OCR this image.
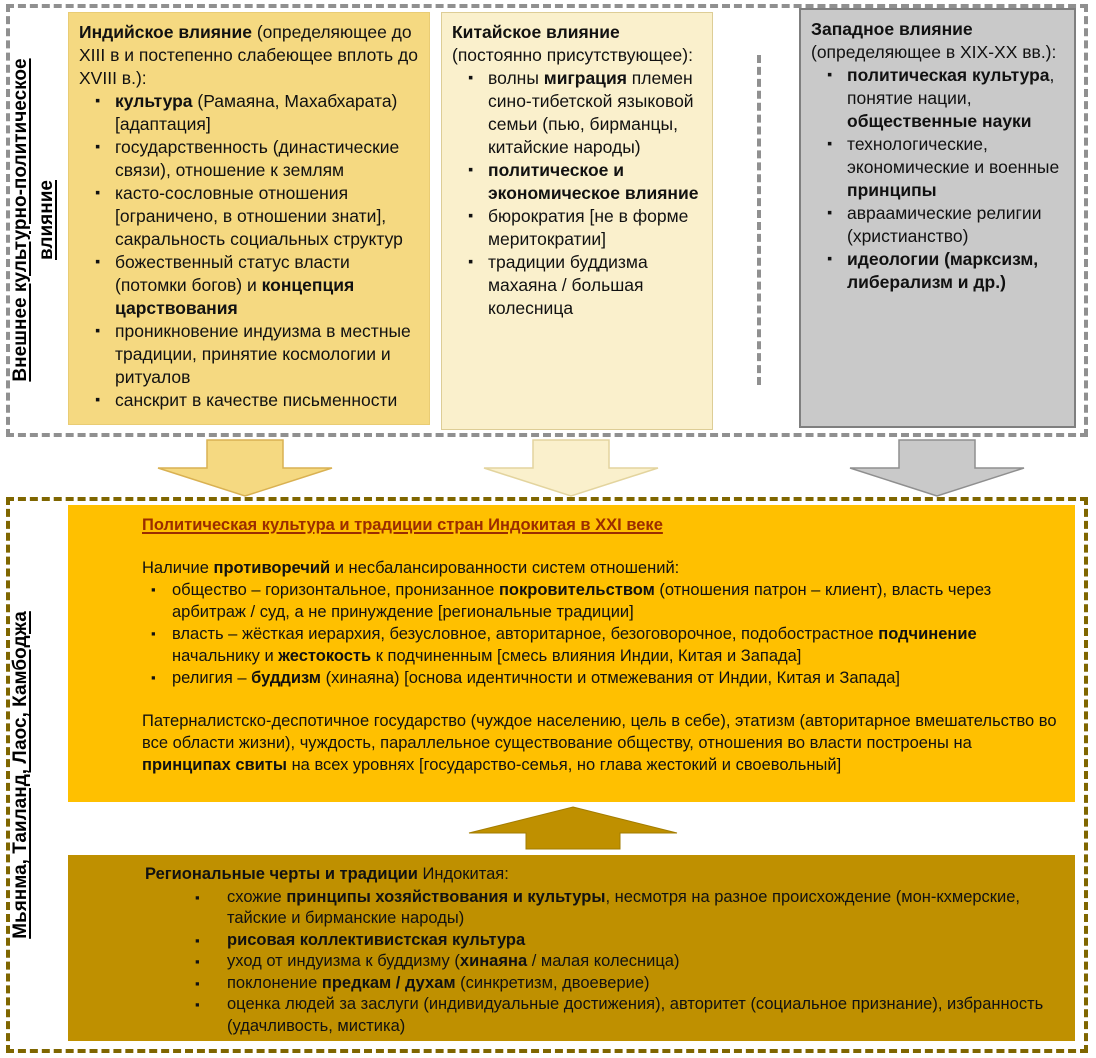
Внешнее культурно-политическое влияние
Индийское влияние (определяющее до XIII в и постепенно слабеющее вплоть до XVIII в.):
▪ культура (Рамаяна, Махабхарата) [адаптация]
▪ государственность (династические связи), отношение к землям
▪ касто-сословные отношения [ограничено, в отношении знати], сакральность социальных структур
▪ божественный статус власти (потомки богов) и концепция царствования
▪ проникновение индуизма в местные традиции, принятие космологии и ритуалов
▪ санскрит в качестве письменности
Китайское влияние (постоянно присутствующее):
▪ волны миграция племен сино-тибетской языковой семьи (пью, бирманцы, китайские народы)
▪ политическое и экономическое влияние
▪ бюрократия [не в форме меритократии]
▪ традиции буддизма махаяна / большая колесница
Западное влияние (определяющее в XIX-XX вв.):
▪ политическая культура, понятие нации, общественные науки
▪ технологические, экономические и военные принципы
▪ авраамические религии (христианство)
▪ идеологии (марксизм, либерализм и др.)
Мьянма, Таиланд, Лаос, Камбоджа
Политическая культура и традиции стран Индокитая в XXI веке
Наличие противоречий и несбалансированности систем отношений:
▪ общество – горизонтальное, пронизанное покровительством (отношения патрон – клиент), власть через арбитраж / суд, а не принуждение [региональные традиции]
▪ власть – жёсткая иерархия, безусловное, авторитарное, безоговорочное, подобострастное подчинение начальнику и жестокость к подчиненным [смесь влияния Индии, Китая и Запада]
▪ религия – буддизм (хинаяна) [основа идентичности и отмежевания от Индии, Китая и Запада]
Патерналистско-деспотичное государство (чуждое населению, цель в себе), этатизм (авторитарное вмешательство во все области жизни), чуждость, параллельное существование обществу, отношения во власти построены на принципах свиты на всех уровнях [государство-семья, но глава жестокий и своевольный]
Региональные черты и традиции Индокитая:
▪ схожие принципы хозяйствования и культуры, несмотря на разное происхождение (мон-кхмерские, тайские и бирманские народы)
▪ рисовая коллективистская культура
▪ уход от индуизма к буддизму (хинаяна / малая колесница)
▪ поклонение предкам / духам (синкретизм, двоеверие)
▪ оценка людей за заслуги (индивидуальные достижения), авторитет (социальное признание), избранность (удачливость, мистика)
